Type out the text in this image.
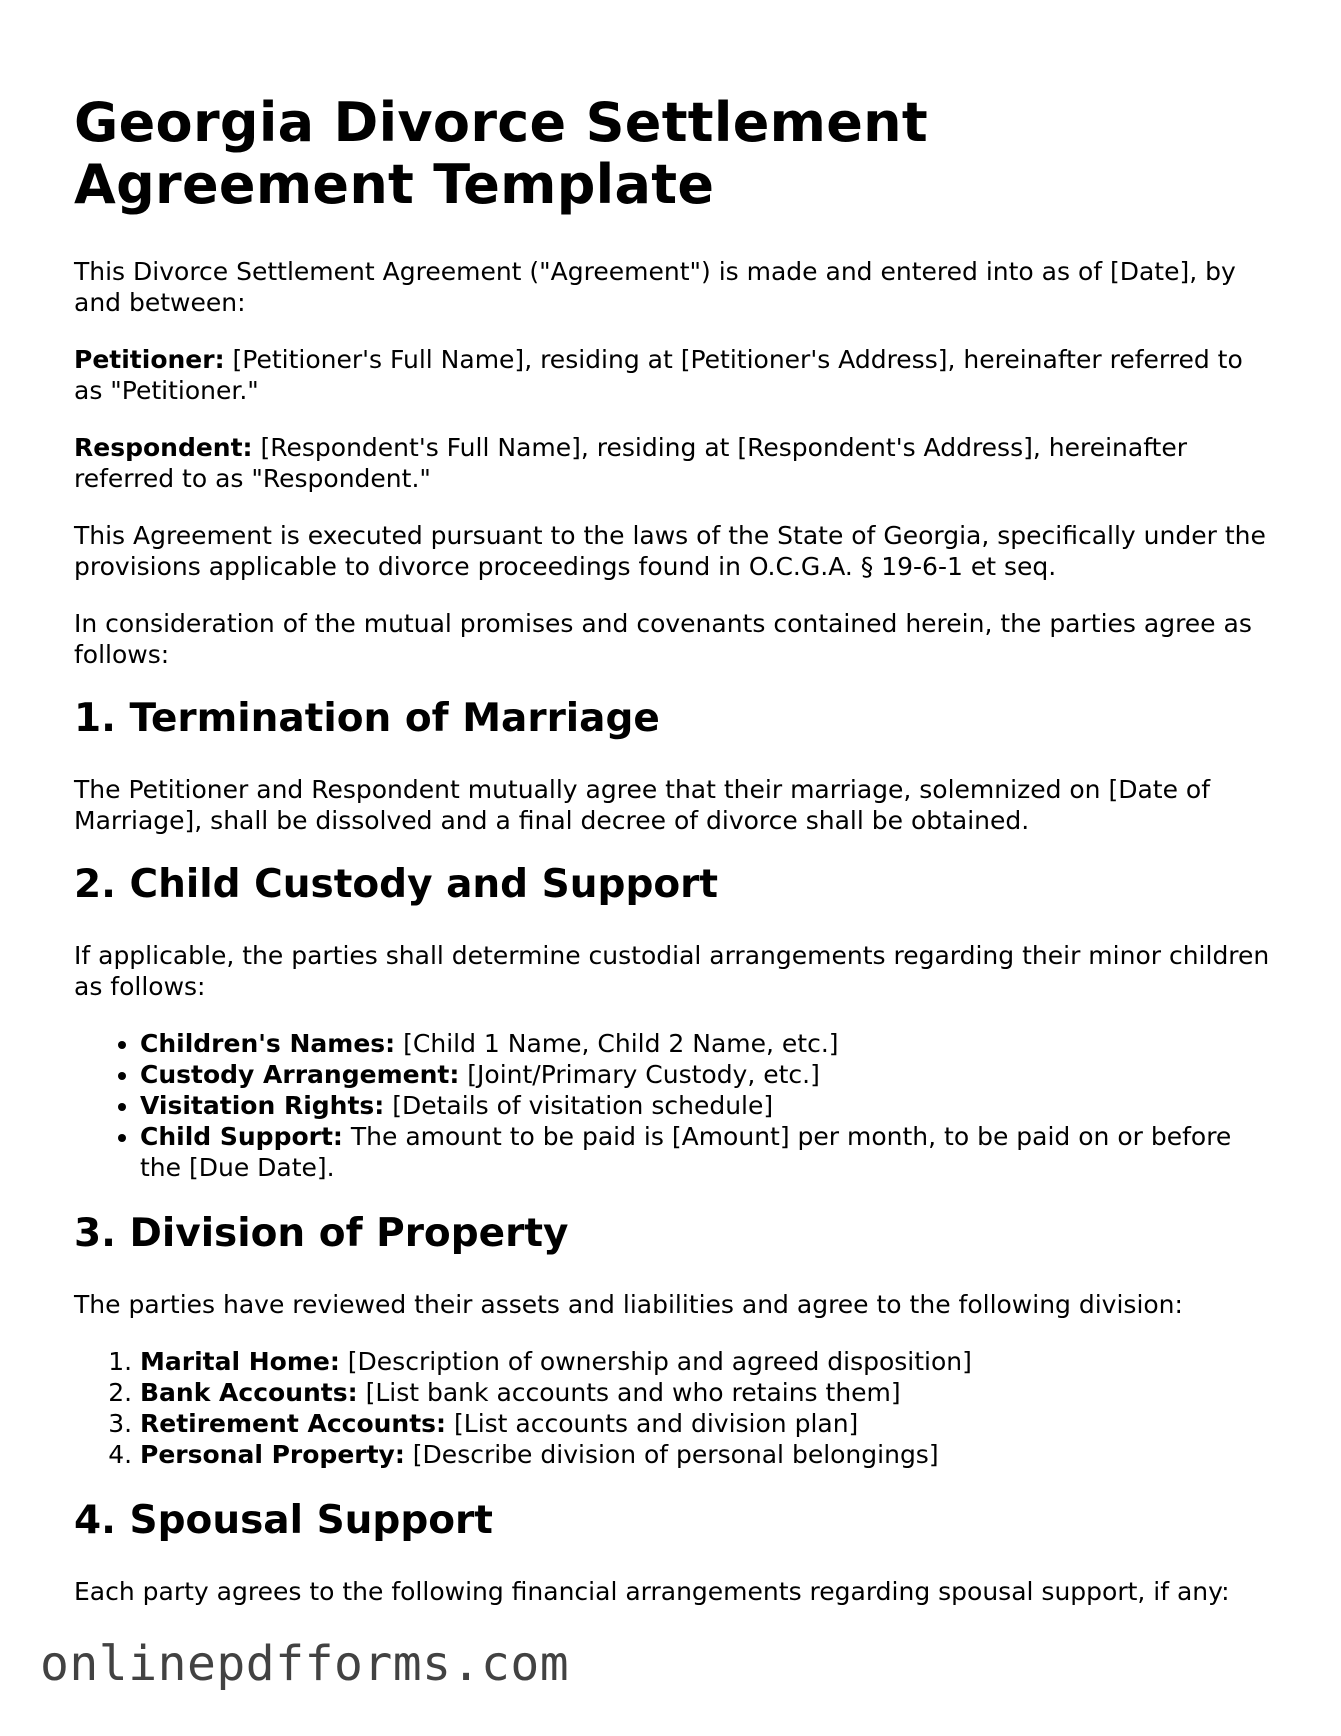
Georgia Divorce Settlement Agreement Template

This Divorce Settlement Agreement ("Agreement") is made and entered into as of [Date], by and between:

Petitioner: [Petitioner's Full Name], residing at [Petitioner's Address], hereinafter referred to as "Petitioner."

Respondent: [Respondent's Full Name], residing at [Respondent's Address], hereinafter referred to as "Respondent."

This Agreement is executed pursuant to the laws of the State of Georgia, specifically under the provisions applicable to divorce proceedings found in O.C.G.A. § 19-6-1 et seq.

In consideration of the mutual promises and covenants contained herein, the parties agree as follows:

1. Termination of Marriage

The Petitioner and Respondent mutually agree that their marriage, solemnized on [Date of Marriage], shall be dissolved and a final decree of divorce shall be obtained.

2. Child Custody and Support

If applicable, the parties shall determine custodial arrangements regarding their minor children as follows:

• Children's Names: [Child 1 Name, Child 2 Name, etc.]
• Custody Arrangement: [Joint/Primary Custody, etc.]
• Visitation Rights: [Details of visitation schedule]
• Child Support: The amount to be paid is [Amount] per month, to be paid on or before the [Due Date].
3. Division of Property

The parties have reviewed their assets and liabilities and agree to the following division:

1. Marital Home: [Description of ownership and agreed disposition]
2. Bank Accounts: [List bank accounts and who retains them]
3. Retirement Accounts: [List accounts and division plan]
4. Personal Property: [Describe division of personal belongings]
4. Spousal Support

Each party agrees to the following financial arrangements regarding spousal support, if any:

onlinepdfforms.com
